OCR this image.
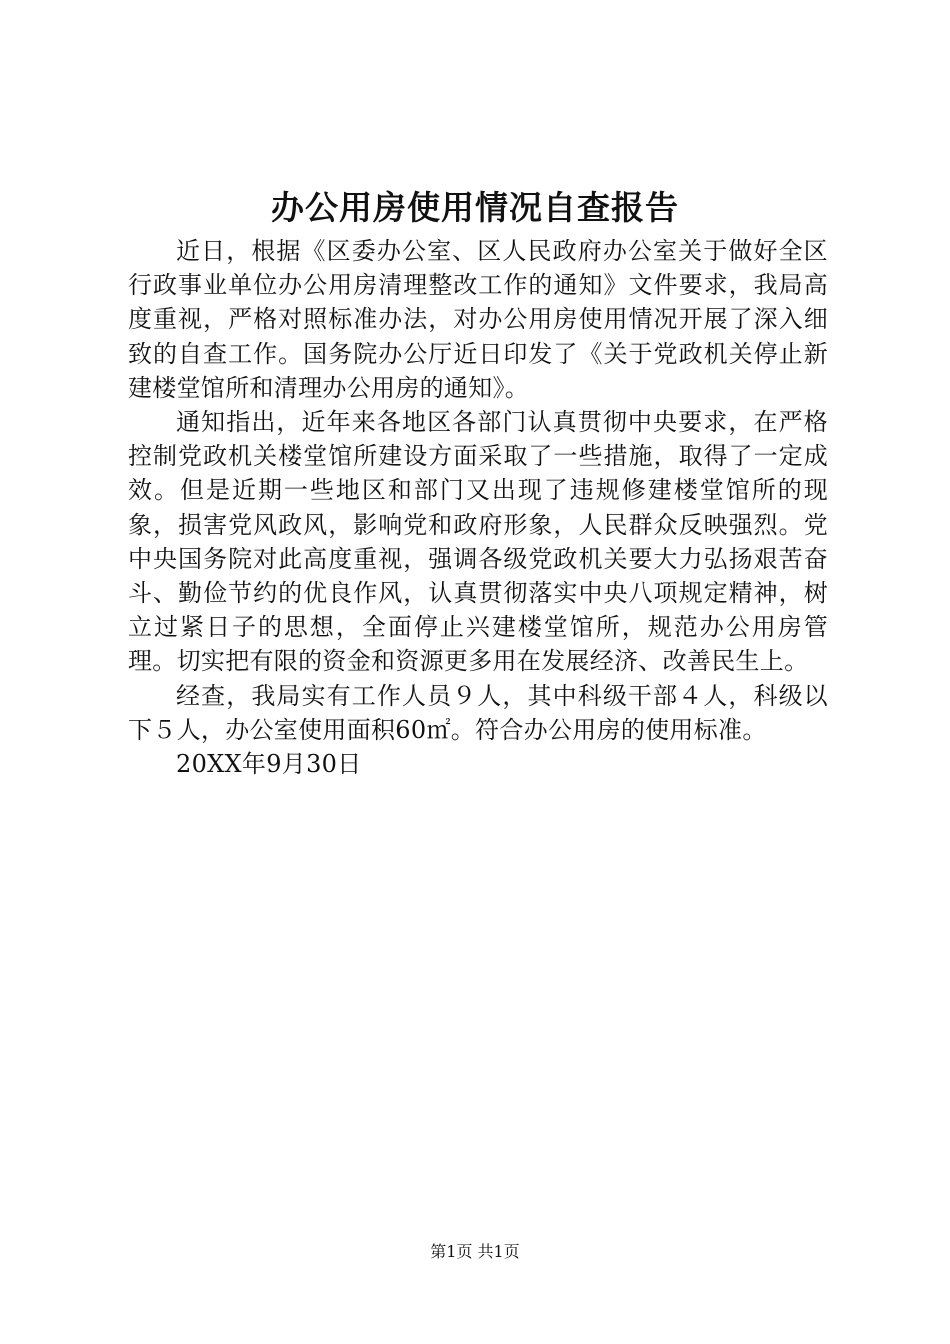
办公用房使用情况自查报告

近日，根据《区委办公室、区人民政府办公室关于做好全区行政事业单位办公用房清理整改工作的通知》文件要求，我局高度重视，严格对照标准办法，对办公用房使用情况开展了深入细致的自查工作。国务院办公厅近日印发了《关于党政机关停止新建楼堂馆所和清理办公用房的通知》。

通知指出，近年来各地区各部门认真贯彻中央要求，在严格控制党政机关楼堂馆所建设方面采取了一些措施，取得了一定成效。但是近期一些地区和部门又出现了违规修建楼堂馆所的现象，损害党风政风，影响党和政府形象，人民群众反映强烈。党中央国务院对此高度重视，强调各级党政机关要大力弘扬艰苦奋斗、勤俭节约的优良作风，认真贯彻落实中央八项规定精神，树立过紧日子的思想，全面停止兴建楼堂馆所，规范办公用房管理。切实把有限的资金和资源更多用在发展经济、改善民生上。

经查，我局实有工作人员９人，其中科级干部４人，科级以下５人，办公室使用面积60㎡。符合办公用房的使用标准。

20XX年9月30日
第1页 共1页
